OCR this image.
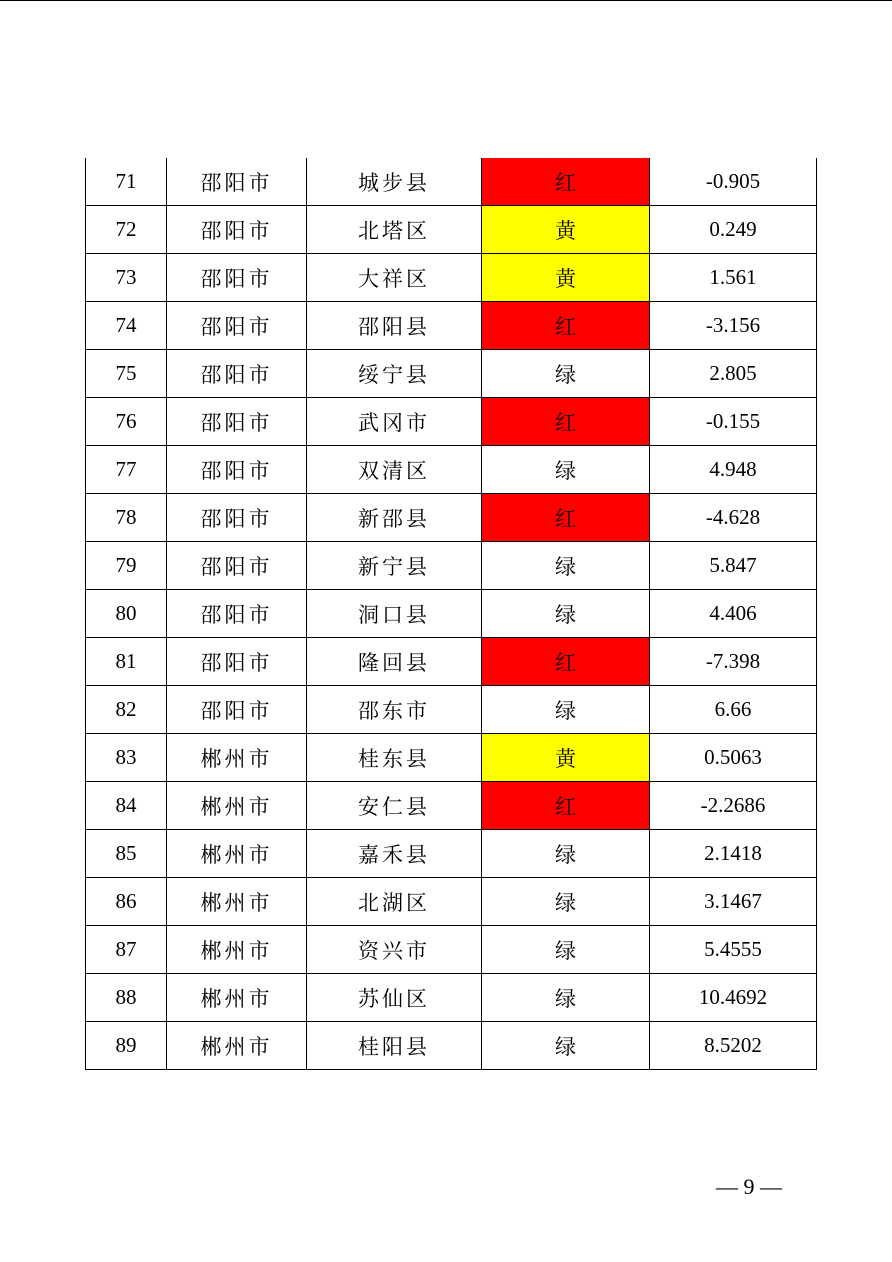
71	邵阳市	城步县	红	-0.905
72	邵阳市	北塔区	黄	0.249
73	邵阳市	大祥区	黄	1.561
74	邵阳市	邵阳县	红	-3.156
75	邵阳市	绥宁县	绿	2.805
76	邵阳市	武冈市	红	-0.155
77	邵阳市	双清区	绿	4.948
78	邵阳市	新邵县	红	-4.628
79	邵阳市	新宁县	绿	5.847
80	邵阳市	洞口县	绿	4.406
81	邵阳市	隆回县	红	-7.398
82	邵阳市	邵东市	绿	6.66
83	郴州市	桂东县	黄	0.5063
84	郴州市	安仁县	红	-2.2686
85	郴州市	嘉禾县	绿	2.1418
86	郴州市	北湖区	绿	3.1467
87	郴州市	资兴市	绿	5.4555
88	郴州市	苏仙区	绿	10.4692
89	郴州市	桂阳县	绿	8.5202
— 9 —
